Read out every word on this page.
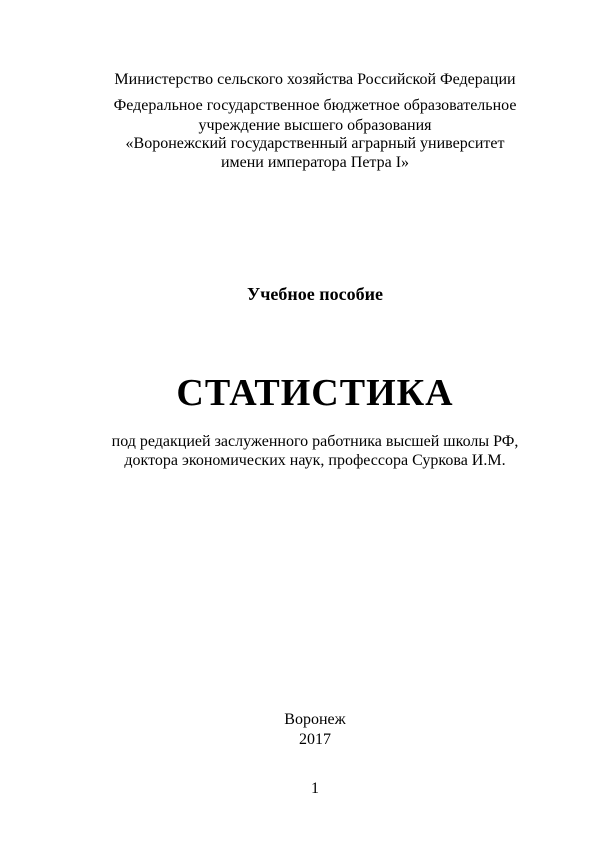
Министерство сельского хозяйства Российской Федерации
Федеральное государственное бюджетное образовательное
учреждение высшего образования
«Воронежский государственный аграрный университет
имени императора Петра I»
Учебное пособие
СТАТИСТИКА
под редакцией заслуженного работника высшей школы РФ,
доктора экономических наук, профессора Суркова И.М.
Воронеж
2017
1
